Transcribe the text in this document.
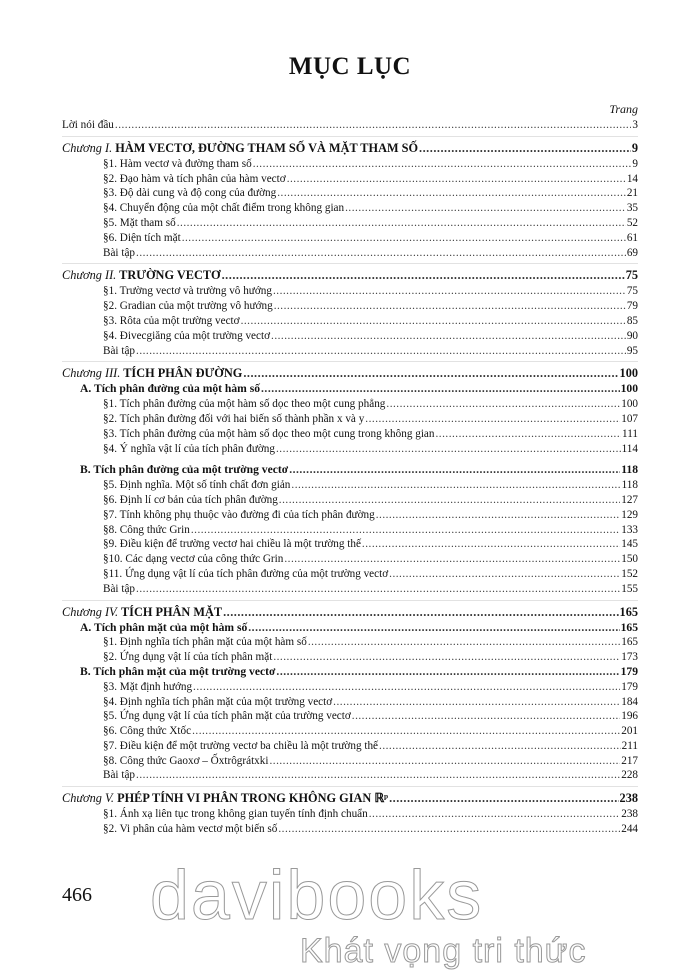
MỤC LỤC
Trang
Lời nói đầu .....	3
Chương I. HÀM VECTƠ, ĐƯỜNG THAM SỐ VÀ MẶT THAM SỐ .....	9
§1. Hàm vectơ và đường tham số .....	9
§2. Đạo hàm và tích phân của hàm vectơ .....	14
§3. Độ dài cung và độ cong của đường .....	21
§4. Chuyển động của một chất điểm trong không gian .....	35
§5. Mặt tham số .....	52
§6. Diện tích mặt .....	61
Bài tập .....	69
Chương II. TRƯỜNG VECTƠ .....	75
§1. Trường vectơ và trường vô hướng .....	75
§2. Gradian của một trường vô hướng .....	79
§3. Rôta của một trường vectơ .....	85
§4. Đivecgiăng của một trường vectơ .....	90
Bài tập .....	95
Chương III. TÍCH PHÂN ĐƯỜNG .....	100
A. Tích phân đường của một hàm số .....	100
§1. Tích phân đường của một hàm số dọc theo một cung phẳng .....	100
§2. Tích phân đường đối với hai biến số thành phần x và y .....	107
§3. Tích phân đường của một hàm số dọc theo một cung trong không gian .....	111
§4. Ý nghĩa vật lí của tích phân đường .....	114
B. Tích phân đường của một trường vectơ .....	118
§5. Định nghĩa. Một số tính chất đơn giản .....	118
§6. Định lí cơ bản của tích phân đường .....	127
§7. Tính không phụ thuộc vào đường đi của tích phân đường .....	129
§8. Công thức Grin .....	133
§9. Điều kiện để trường vectơ hai chiều là một trường thế .....	145
§10. Các dạng vectơ của công thức Grin .....	150
§11. Ứng dụng vật lí của tích phân đường của một trường vectơ .....	152
Bài tập .....	155
Chương IV. TÍCH PHÂN MẶT .....	165
A. Tích phân mặt của một hàm số .....	165
§1. Định nghĩa tích phân mặt của một hàm số .....	165
§2. Ứng dụng vật lí của tích phân mặt .....	173
B. Tích phân mặt của một trường vectơ .....	179
§3. Mặt định hướng .....	179
§4. Định nghĩa tích phân mặt của một trường vectơ .....	184
§5. Ứng dụng vật lí của tích phân mặt của trường vectơ .....	196
§6. Công thức Xtốc .....	201
§7. Điều kiện để một trường vectơ ba chiều là một trường thế .....	211
§8. Công thức Gaoxơ – Ốxtrôgrátxki .....	217
Bài tập .....	228
Chương V. PHÉP TÍNH VI PHÂN TRONG KHÔNG GIAN ℝᵖ .....	238
§1. Ánh xạ liên tục trong không gian tuyến tính định chuẩn .....	238
§2. Vi phân của hàm vectơ một biến số .....	244
466 davibooks
Khát vọng tri thức
